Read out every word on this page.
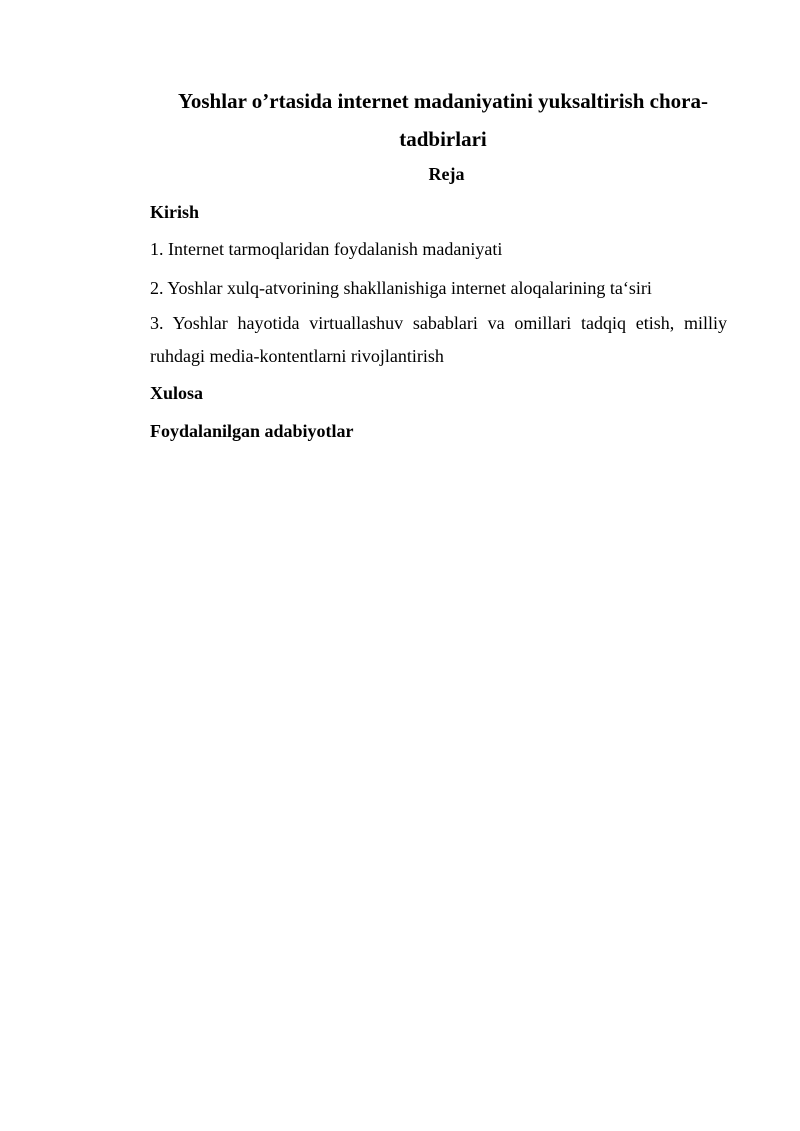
Yoshlar o’rtasida internet madaniyatini yuksaltirish chora-tadbirlari
Reja

Kirish

1. Internet tarmoqlaridan foydalanish madaniyati

2. Yoshlar xulq-atvorining shakllanishiga internet aloqalarining ta‘siri

3. Yoshlar hayotida virtuallashuv sabablari va omillari tadqiq etish, milliy ruhdagi media-kontentlarni rivojlantirish

Xulosa

Foydalanilgan adabiyotlar
